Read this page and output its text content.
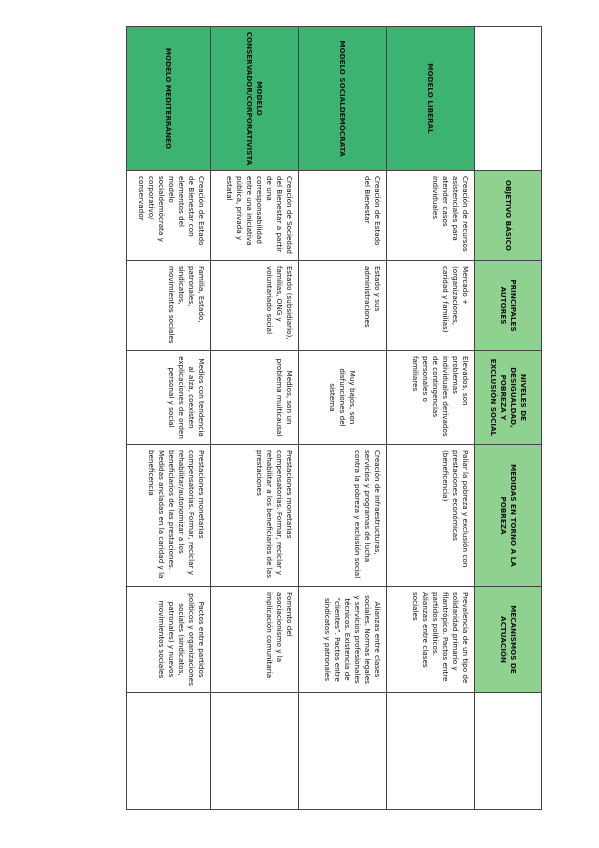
OBJETIVO BÁSICO
PRINCIPALES AUTORES
NIVELES DE DESIGUALDAD, POBREZA Y EXCLUSIÓN SOCIAL
MEDIDAS EN TORNO A LA POBREZA
MECANISMOS DE ACTUACIÓN
MODELO LIBERAL
Creación de recursos asistenciales para atender casos individuales
Mercado + (organizaciones, caridad y familias)
Elevados, son problemas individuales derivados de contingencias personales o familiares
Paliar la pobreza y exclusión con prestaciones económicas (beneficencia)
Prevalencia de un tipo de solidaridad primario y filantrópico. Pactos entre partidos políticos. Alianzas entre clases sociales
MODELO SOCIALDEMÓCRATA
Creación de Estado del Bienestar
Estado y sus administraciones
Muy bajos, son disfunciones del sistema
Creación de infraestructuras, servicios y programas de lucha contra la pobreza y exclusión social
Alianzas entre clases sociales. Normas legales y servicios profesionales técnicos. Existencia de “clientes”. Pactos entre sindicatos y patronales
MODELO CONSERVADOR/CORPORATIVISTA
Creación de Sociedad del Bienestar a partir de una corresponsabilidad entre una iniciativa pública, privada y estatal
Estado (subsidiario), familias, ONG y voluntariado social
Medios, son un problema multicausal
Prestaciones monetarias compensatorias. Formar, reciclar y rehabilitar a los beneficiarios de las prestaciones
Fomento del asociacionismo y la implicación comunitaria
MODELO MEDITERRÁNEO
Creación de Estado de Bienestar con elementos del modelo socialdemócrata y corporativo/ conservador
Familia, Estado, patronales, sindicatos, movimientos sociales
Medios con tendencia al alza, coexisten explicaciones de orden personal y social
Prestaciones monetarias compensatorias. Formar, reciclar y rehabilitar/autonomizar a los beneficiarios de las prestaciones. Medidas ancladas en la caridad y la beneficencia
Pactos entre partidos políticos y organizaciones sociales (sindicatos, patronales) y nuevos movimientos sociales
